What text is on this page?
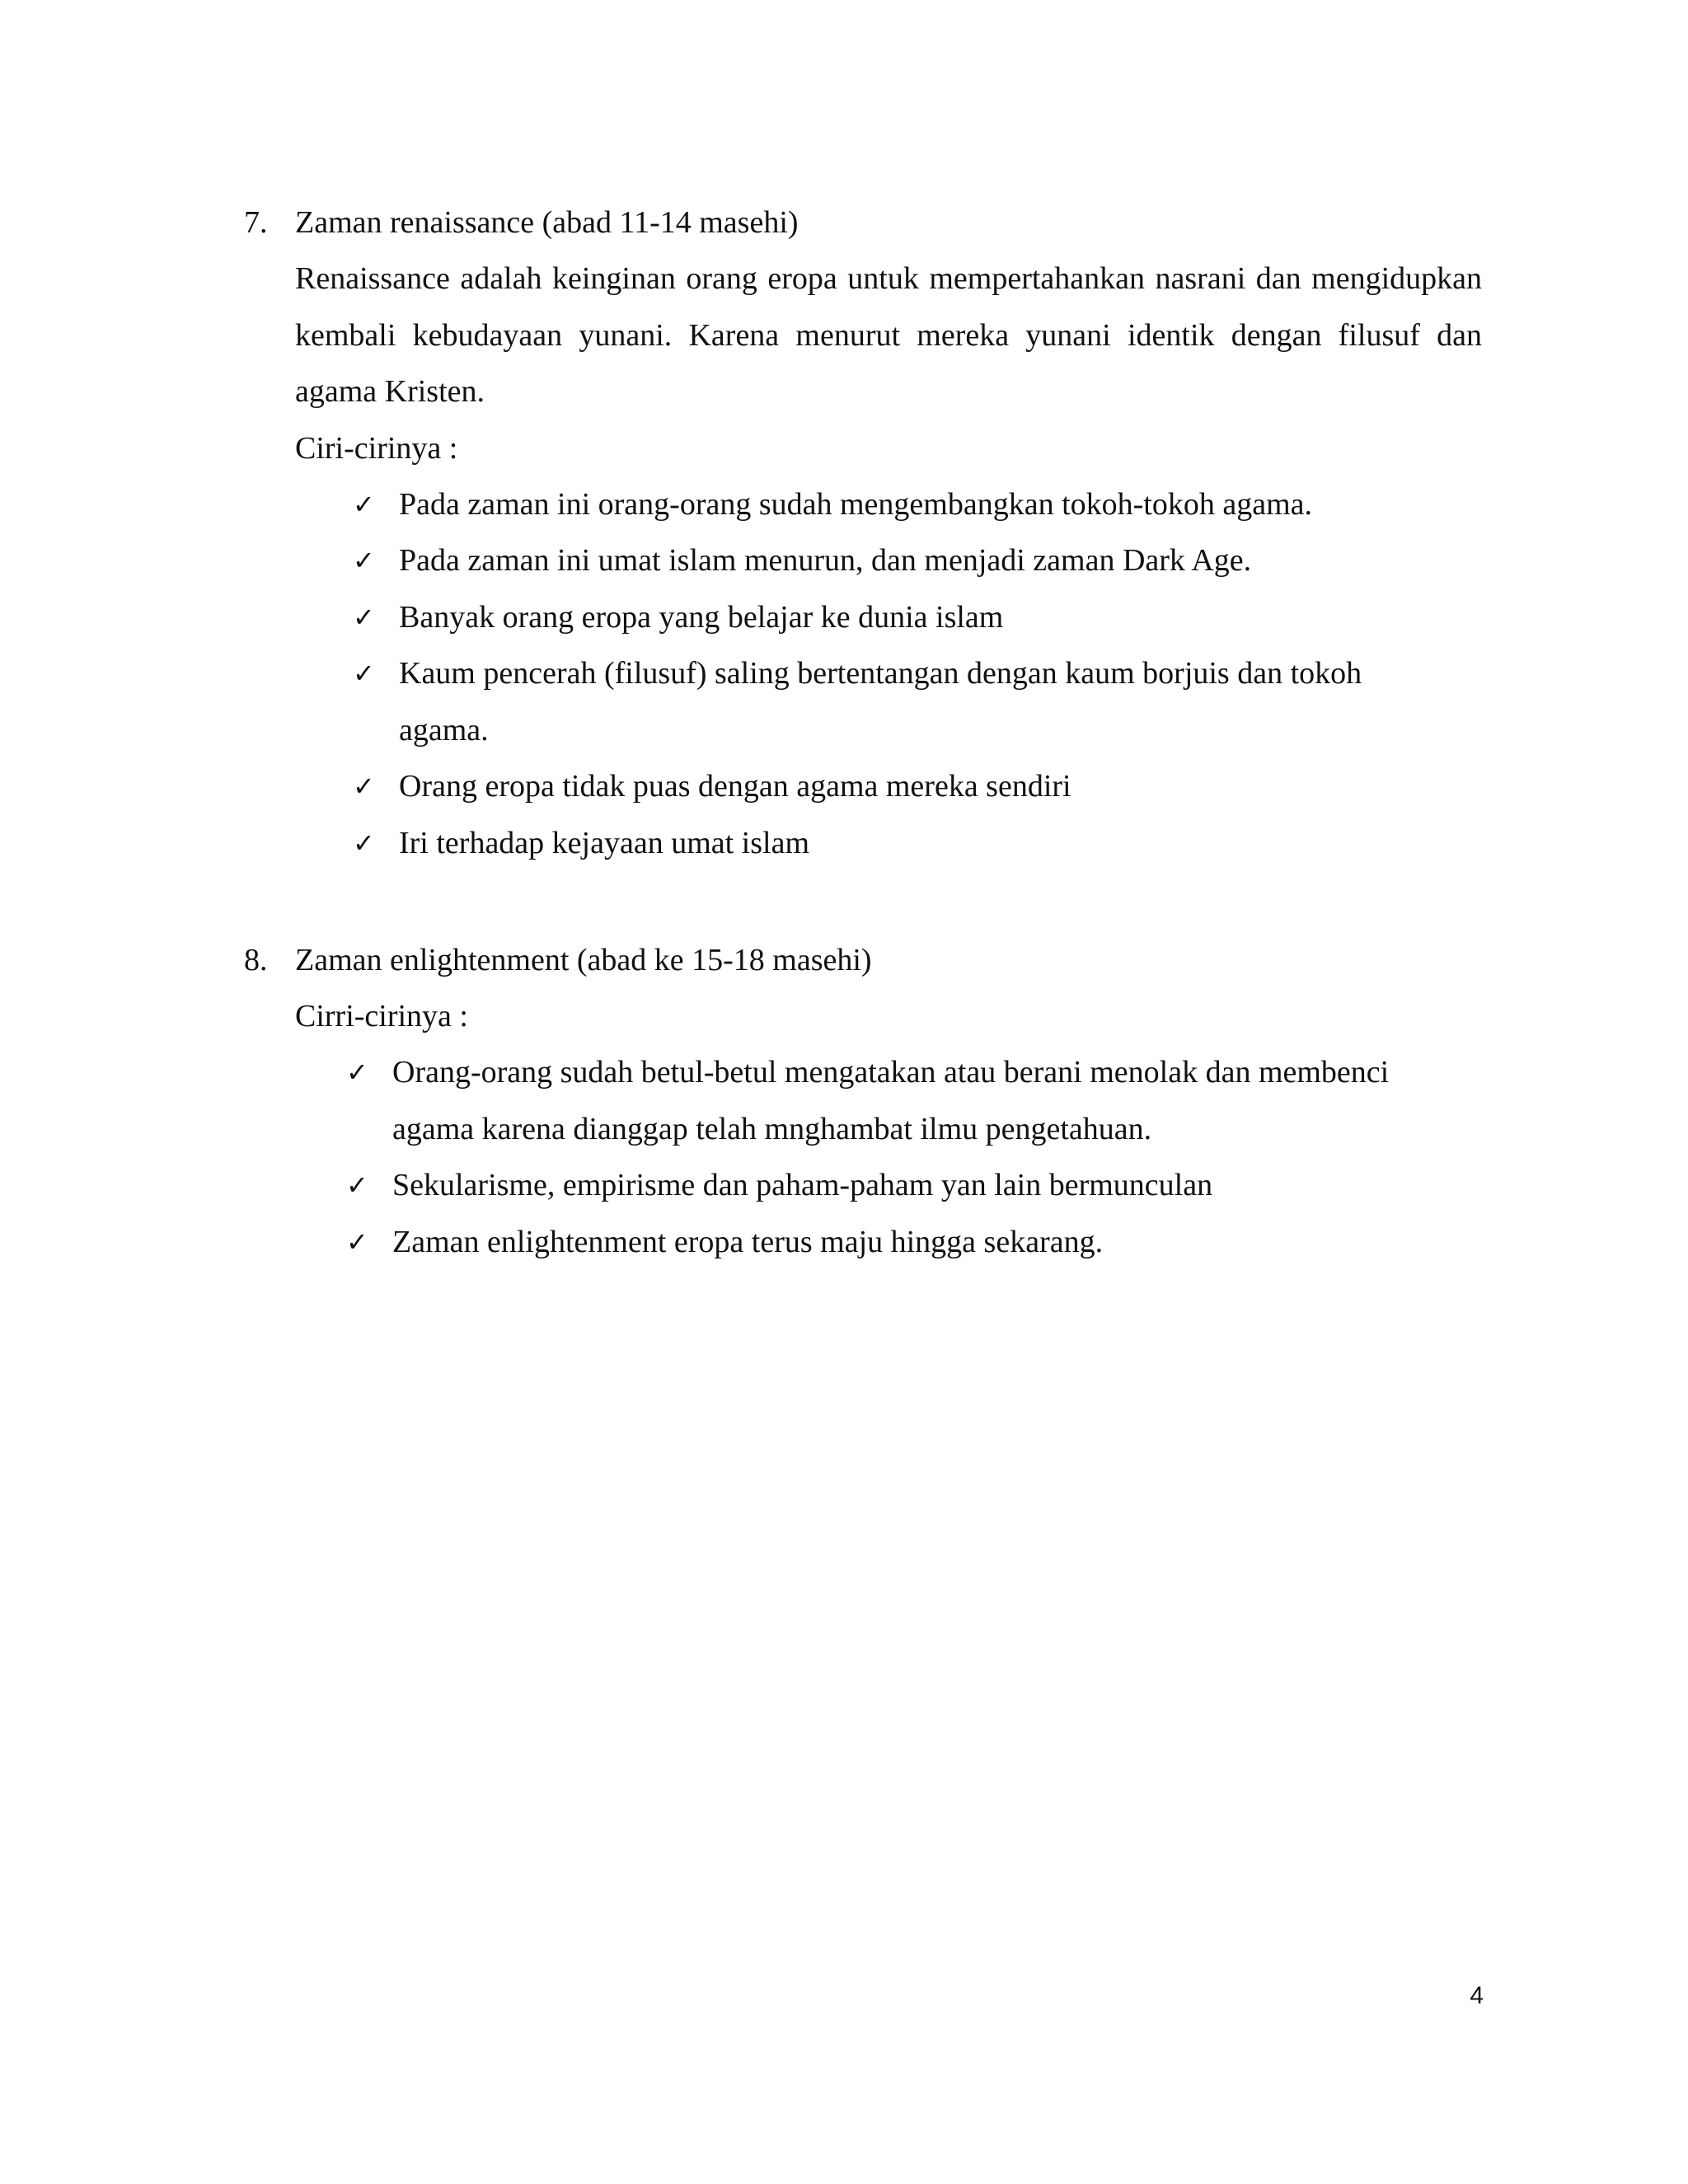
7. Zaman renaissance (abad 11-14 masehi)
Renaissance adalah keinginan orang eropa untuk mempertahankan nasrani dan mengidupkan kembali kebudayaan yunani. Karena menurut mereka yunani identik dengan filusuf dan agama Kristen.
Ciri-cirinya :
✓ Pada zaman ini orang-orang sudah mengembangkan tokoh-tokoh agama.
✓ Pada zaman ini umat islam menurun, dan menjadi zaman Dark Age.
✓ Banyak orang eropa yang belajar ke dunia islam
✓ Kaum pencerah (filusuf) saling bertentangan dengan kaum borjuis dan tokoh agama.
✓ Orang eropa tidak puas dengan agama mereka sendiri
✓ Iri terhadap kejayaan umat islam
8. Zaman enlightenment (abad ke 15-18 masehi)
Cirri-cirinya :
✓ Orang-orang sudah betul-betul mengatakan atau berani menolak dan membenci agama karena dianggap telah mnghambat ilmu pengetahuan.
✓ Sekularisme, empirisme dan paham-paham yan lain bermunculan
✓ Zaman enlightenment eropa terus maju hingga sekarang.
4
